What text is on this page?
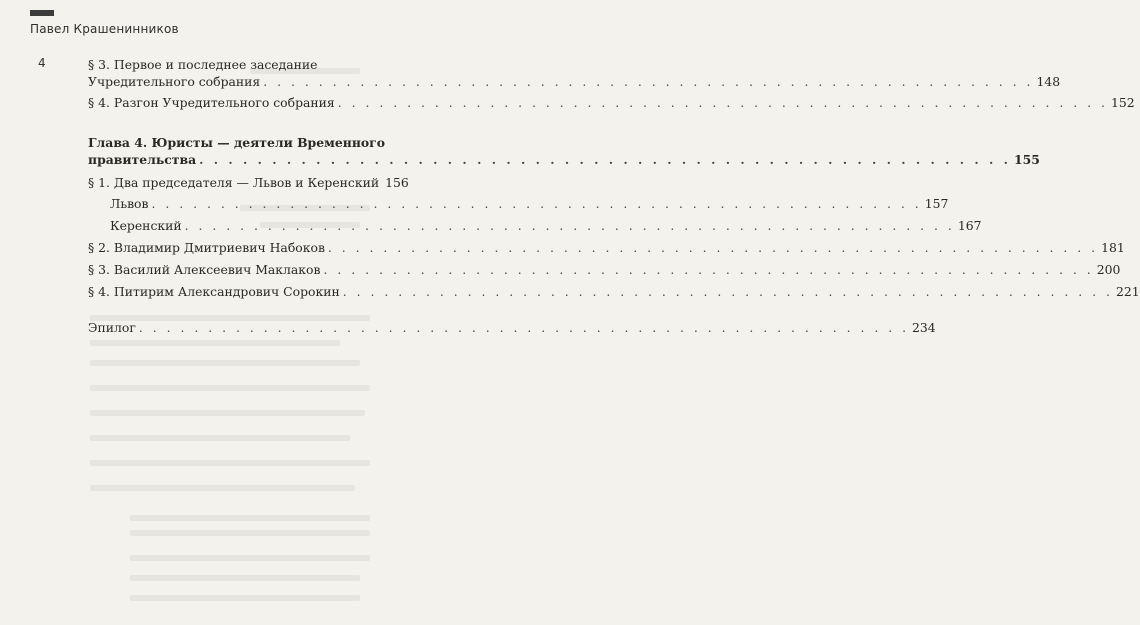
Павел Крашенинников
4	§ 3. Первое и последнее заседание
Учредительного собрания . . .	148
§ 4. Разгон Учредительного собрания . . .	152
Глава 4. Юристы — деятели Временного
правительства . . .	155
§ 1. Два председателя — Львов и Керенский 156
Львов . . .	157
Керенский . . .	167
§ 2. Владимир Дмитриевич Набоков . . .	181
§ 3. Василий Алексеевич Маклаков . . .	200
§ 4. Питирим Александрович Сорокин . . .	221
Эпилог . . .	234
